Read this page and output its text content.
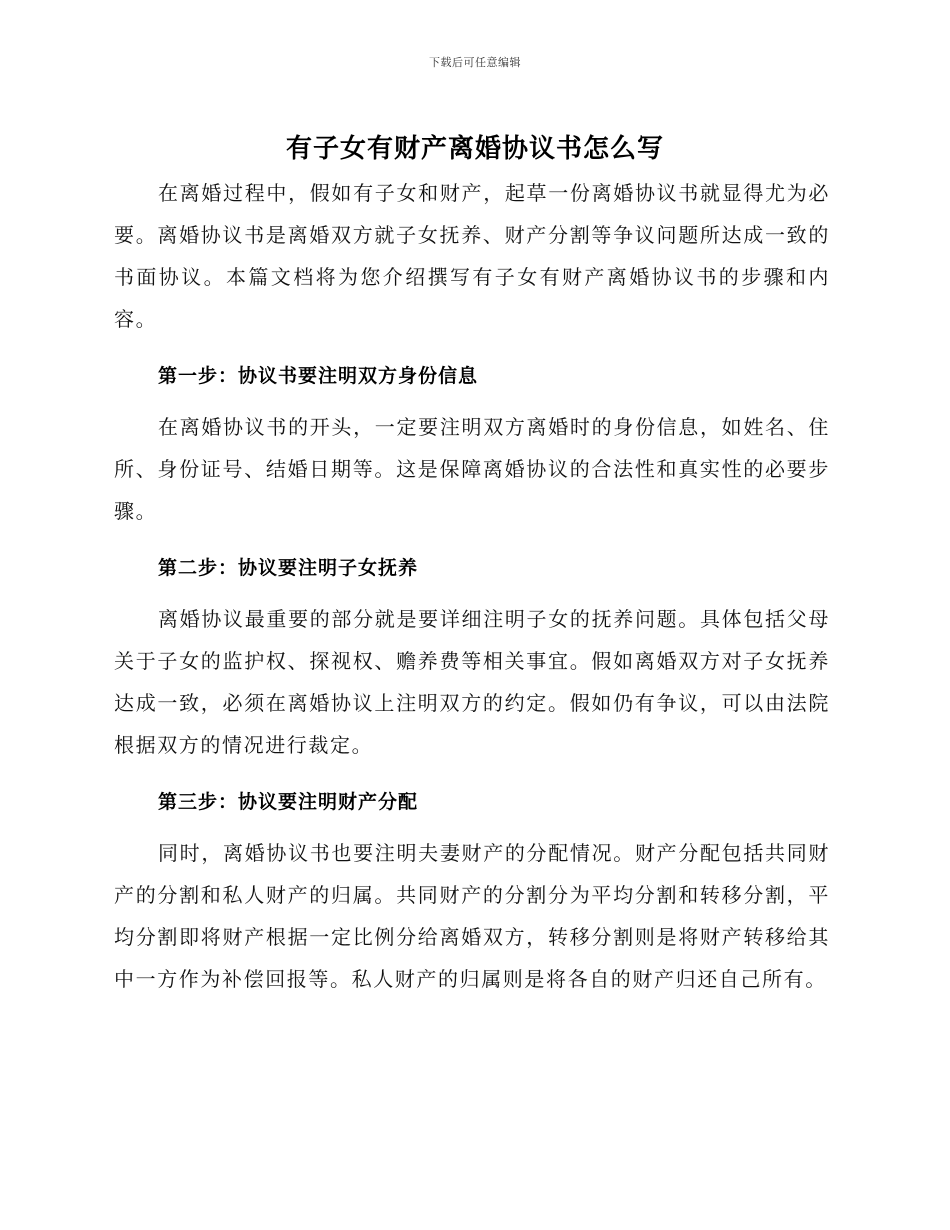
下载后可任意编辑
有子女有财产离婚协议书怎么写

在离婚过程中，假如有子女和财产，起草一份离婚协议书就显得尤为必要。离婚协议书是离婚双方就子女抚养、财产分割等争议问题所达成一致的书面协议。本篇文档将为您介绍撰写有子女有财产离婚协议书的步骤和内容。

第一步：协议书要注明双方身份信息

在离婚协议书的开头，一定要注明双方离婚时的身份信息，如姓名、住所、身份证号、结婚日期等。这是保障离婚协议的合法性和真实性的必要步骤。

第二步：协议要注明子女抚养

离婚协议最重要的部分就是要详细注明子女的抚养问题。具体包括父母关于子女的监护权、探视权、赡养费等相关事宜。假如离婚双方对子女抚养达成一致，必须在离婚协议上注明双方的约定。假如仍有争议，可以由法院根据双方的情况进行裁定。

第三步：协议要注明财产分配

同时，离婚协议书也要注明夫妻财产的分配情况。财产分配包括共同财产的分割和私人财产的归属。共同财产的分割分为平均分割和转移分割，平均分割即将财产根据一定比例分给离婚双方，转移分割则是将财产转移给其中一方作为补偿回报等。私人财产的归属则是将各自的财产归还自己所有。
